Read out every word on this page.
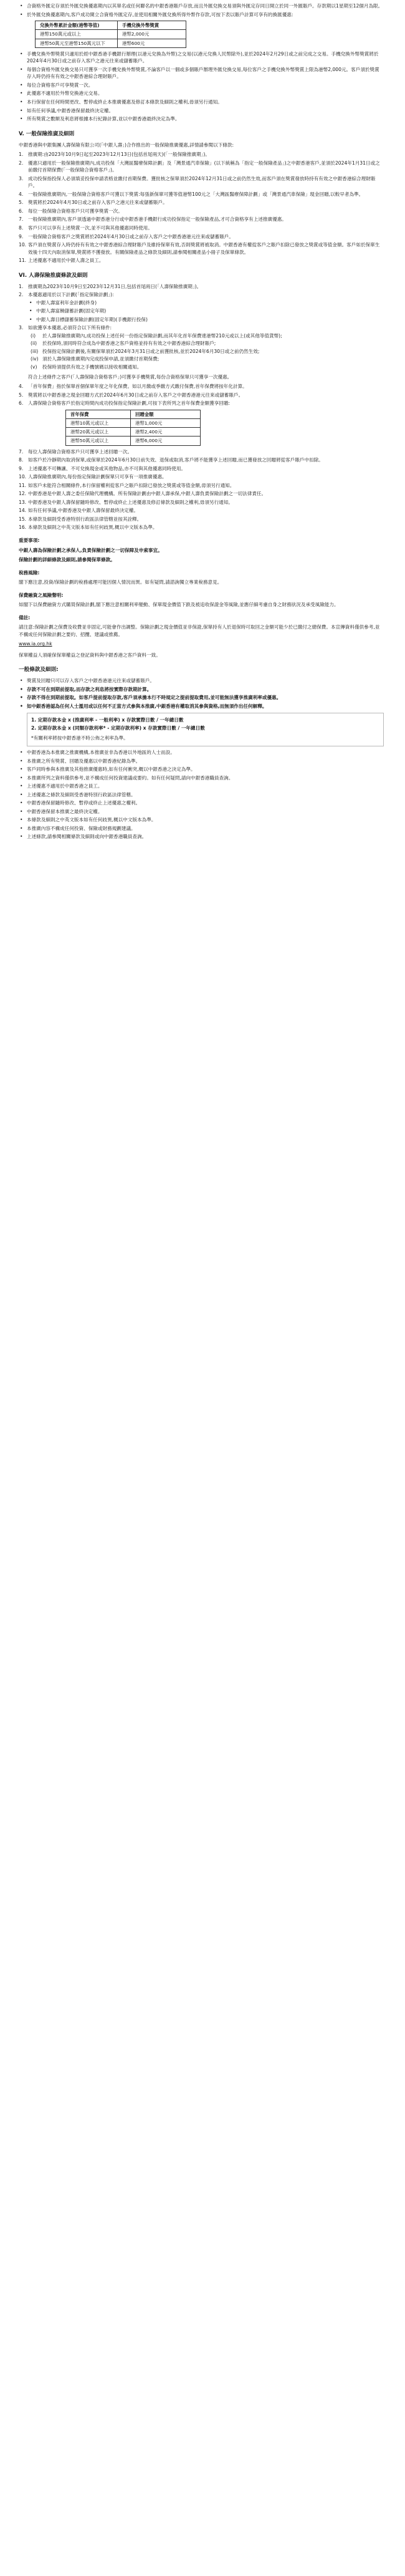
• 合資格外匯定存須於外匯兌換優惠期內以其單名或任何聯名的中銀香港賬戶存放,而且外匯兌換交易須與外匯定存同日開立於同一外匯賬戶。存款期以1星期至12個月為限。
• 於外匯兌換優惠期內,客戶成功開立合資格外匯定存,並使用相關外匯兌換所得外幣作存款,可按下表以賬戶計算可享有的換匯優惠:
兌換外幣累計金額(港幣等值)	手機兌換外幣獎賞
港幣150萬元或以上	港幣2,000元
港幣50萬元至港幣150萬元以下	港幣600元
• 手機兌換外幣獎賞只適用於經中銀香港手機銀行辦理(以港元兌換為外幣)之交易(以港元兌換人民幣除外),並於2024年2月29日或之前完成之交易。手機兌換外幣獎賞將於2024年4月30日或之前存入客戶之港元往來或儲蓄賬戶。
• 每個合資格外匯兌換交易只可獲享一次手機兌換外幣獎賞,不論客戶以一個或多個賬戶辦理外匯兌換交易,每位客戶之手機兌換外幣獎賞上限為港幣2,000元。客戶須於獎賞存入時仍持有有效之中銀香港綜合理財賬戶。
• 每位合資格客戶可享獎賞一次。
• 此優惠不適用於外幣兌換港元交易。
• 本行保留在任何時間更改、暫停或終止本推廣優惠及修訂本條款及細則之權利,毋須另行通知。
• 如有任何爭議,中銀香港保留最終決定權。
• 所有獎賞之數額及利息將根據本行紀錄計算,並以中銀香港最終決定為準。
V. 一般保險推廣及細則
中銀香港與中銀集團人壽保險有限公司(「中銀人壽」)合作推出的一般保險推廣優惠,詳情請參閱以下條款:
1. 推廣期:由2023年10月9日起至2023年12月13日(包括首尾兩天)(「一般保險推廣期」)。
2. 優惠只適用於一般保險推廣期內,成功投保「大灣區醫療保障計劃」及「灣景通汽車保險」(以下統稱為「指定一般保險產品」)之中銀香港客戶,並須於2024年1月31日或之前繳付首期保費(「一般保險合資格客戶」)。
3. 成功投保指投保人必須填妥投保申請表格並繳付首期保費。獲批核之保單須於2024年12月31日或之前仍然生效,而客戶須在獎賞發放時持有有效之中銀香港綜合理財賬戶。
4. 一般保險推廣期內,一般保險合資格客戶可獲以下獎賞:每張新保單可獲等值港幣100元之「大灣區醫療保障計劃」或「灣景通汽車保險」現金回贈,以較早者為準。
5. 獎賞將於2024年4月30日或之前存入客戶之港元往來或儲蓄賬戶。
6. 每位一般保險合資格客戶只可獲享獎賞一次。
7. 一般保險推廣期內,客戶須透過中銀香港分行或中銀香港手機銀行成功投保指定一般保險產品,才可合資格享有上述推廣優惠。
8. 客戶只可以享有上述獎賞一次,並不可與其他優惠同時使用。
9. 一般保險合資格客戶之獎賞將於2024年4月30日或之前存入客戶之中銀香港港元往來或儲蓄賬戶。
10. 客戶須在獎賞存入時仍持有有效之中銀香港綜合理財賬戶及維持保單有效,否則獎賞將被取消。中銀香港有權從客戶之賬戶扣除已發放之獎賞或等值金額。客戶如於保單生效後十四天內取消保單,獎賞將不獲發放。有關保險產品之條款及細則,請參閱相關產品小冊子及保單條款。
11. 上述優惠不適用於中銀人壽之員工。
VI. 人壽保險推廣條款及細則
1. 推廣期為2023年10月9日至2023年12月31日,包括首尾兩日(「人壽保險推廣期」)。
2. 本優惠適用於以下計劃(「指定保險計劃」):
• 中銀人壽富利年金計劃(終身)
• 中銀人壽富饒儲蓄計劃(固定年期)
• 中銀人壽目標儲蓄保險計劃(固定年期)(手機銀行投保)
3. 如欲獲享本優惠,必須符合以下所有條件:
(i) 於人壽保險推廣期內,成功投保上述任何一份指定保險計劃,而其年化首年保費達港幣210元或以上(或其他等值貨幣);
(ii) 於投保時,須同時符合成為中銀香港之客戶資格並持有有效之中銀香港綜合理財賬戶;
(iii) 投保指定保險計劃後,有關保單須於2024年3月31日或之前獲批核,並於2024年6月30日或之前仍然生效;
(iv) 須於人壽保險推廣期內完成投保申請,並須繳付首期保費;
(v) 投保時須提供有效之手機號碼以接收相關通知。
符合上述條件之客戶(「人壽保險合資格客戶」)可獲享手機獎賞,每份合資格保單只可獲享一次優惠。
4. 「首年保費」指於保單首個保單年度之年化保費。如以月繳或季繳方式繳付保費,首年保費將按年化計算。
5. 獎賞將以中銀香港之現金回贈方式於2024年6月30日或之前存入客戶之中銀香港港元往來或儲蓄賬戶。
6. 人壽保險合資格客戶於指定時間內成功投保指定保險計劃,可按下表所列之首年保費金額獲享回贈:
首年保費	回贈金額
港幣10萬元或以上	港幣1,000元
港幣20萬元或以上	港幣2,400元
港幣50萬元或以上	港幣6,000元
7. 每位人壽保險合資格客戶只可獲享上述回贈一次。
8. 如客戶於冷靜期內取消保單,或保單於2024年6月30日前失效、退保或取消,客戶將不能獲享上述回贈,而已獲發放之回贈將從客戶賬戶中扣除。
9. 上述優惠不可轉讓、不可兌換現金或其他物品,亦不可與其他優惠同時使用。
10. 人壽保險推廣期內,每份指定保險計劃保單只可享有一項推廣優惠。
11. 如客戶未能符合相關條件,本行保留權利從客戶之賬戶扣除已發放之獎賞或等值金額,毋須另行通知。
12. 中銀香港是中銀人壽之委任保險代理機構。所有保險計劃由中銀人壽承保,中銀人壽負責保險計劃之一切法律責任。
13. 中銀香港及中銀人壽保留隨時修改、暫停或終止上述優惠及修訂條款及細則之權利,毋須另行通知。
14. 如有任何爭議,中銀香港及中銀人壽保留最終決定權。
15. 本條款及細則受香港特別行政區法律管轄並按其詮釋。
16. 本條款及細則之中英文版本如有任何歧異,概以中文版本為準。
重要事項:
中銀人壽為保險計劃之承保人,負責保險計劃之一切保障及申索事宜。
保險計劃的詳細條款及細則,請參閱保單條款。
稅務風險:
閣下應注意,投資/保險計劃的稅務處理可能因個人情況而異。如有疑問,請諮詢獨立專業稅務意見。
保費融資之風險聲明:
如閣下以保費融資方式購買保險計劃,閣下應注意相關利率變動、保單現金價值下跌及被追收保證金等風險,並應仔細考慮自身之財務狀況及承受風險能力。
備註:
請注意:保險計劃之保費及收費並非固定,可能會作出調整。保險計劃之現金價值並非保證,保單持有人於退保時可取回之金額可能少於已繳付之總保費。本宣傳資料僅供參考,並不構成任何保險計劃之要約、招攬、建議或推薦。
www.ia.org.hk
保單權益人須確保保單權益之登記資料與中銀香港之客戶資料一致。
一般條款及細則:
• 獎賞及回贈只可以存入客戶之中銀香港港元往來或儲蓄賬戶。
• 存款不可在到期前提取,而存款之利息將按實際存款期計算。
• 存款不得在到期前提取。如客戶提前提取存款,客戶須承擔本行不時規定之提前提取費用,並可能無法獲享推廣利率或優惠。
• 如中銀香港認為任何人士濫用或以任何不正當方式參與本推廣,中銀香港有權取消其參與資格,而無須作出任何解釋。
1. 定期存款本金 x (推廣利率 - 一般利率) x 存款實際日數 / 一年總日數
2. 定期存款本金 x (同類存款利率* - 定期存款利率) x 存款實際日數 / 一年總日數
*有關利率將按中銀香港不時公佈之利率為準。
• 中銀香港為本推廣之推廣機構,本推廣並非為香港以外地區的人士而設。
• 本推廣之所有獎賞、回贈及優惠以中銀香港紀錄為準。
• 客戶同時參與本推廣及其他推廣優惠時,如有任何衝突,概以中銀香港之決定為準。
• 本推廣所列之資料僅供參考,並不構成任何投資建議或要約。如有任何疑問,請向中銀香港職員查詢。
• 上述優惠不適用於中銀香港之員工。
• 上述優惠之條款及細則受香港特別行政區法律管轄。
• 中銀香港保留隨時修改、暫停或終止上述優惠之權利。
• 中銀香港保留本推廣之最終決定權。
• 本條款及細則之中英文版本如有任何歧異,概以中文版本為準。
• 本推廣內容不構成任何投資、保險或財務規劃建議。
• 上述條款,請參閱相關條款及細則或向中銀香港職員查詢。
